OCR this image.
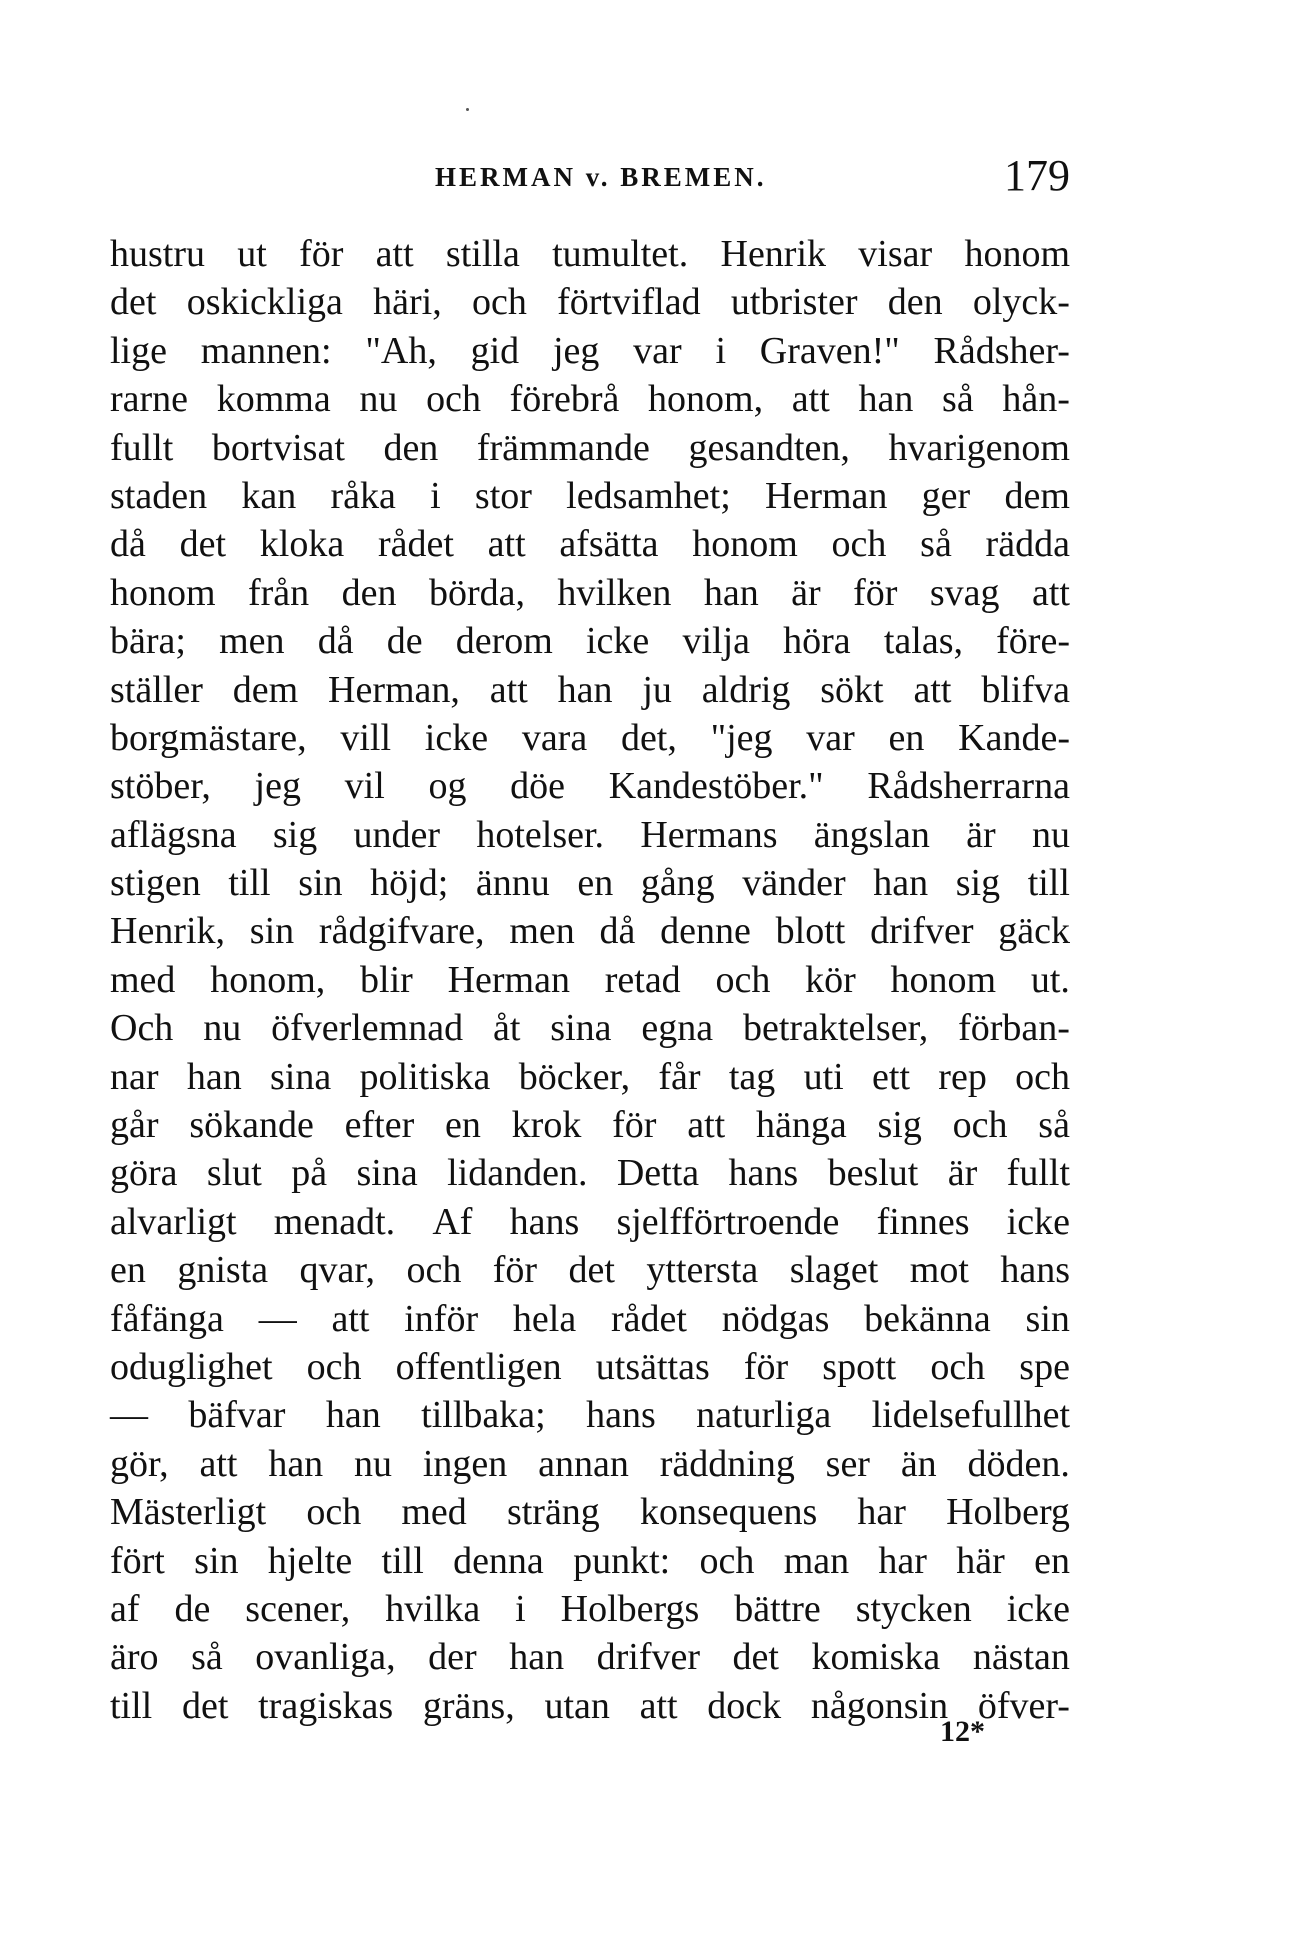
HERMAN v. BREMEN.	179
hustru ut för att stilla tumultet. Henrik visar honom
det oskickliga häri, och förtviflad utbrister den olyck-
lige mannen: "Ah, gid jeg var i Graven!" Rådsher-
rarne komma nu och förebrå honom, att han så hån-
fullt bortvisat den främmande gesandten, hvarigenom
staden kan råka i stor ledsamhet; Herman ger dem
då det kloka rådet att afsätta honom och så rädda
honom från den börda, hvilken han är för svag att
bära; men då de derom icke vilja höra talas, före-
ställer dem Herman, att han ju aldrig sökt att blifva
borgmästare, vill icke vara det, "jeg var en Kande-
stöber, jeg vil og döe Kandestöber." Rådsherrarna
aflägsna sig under hotelser. Hermans ängslan är nu
stigen till sin höjd; ännu en gång vänder han sig till
Henrik, sin rådgifvare, men då denne blott drifver gäck
med honom, blir Herman retad och kör honom ut.
Och nu öfverlemnad åt sina egna betraktelser, förban-
nar han sina politiska böcker, får tag uti ett rep och
går sökande efter en krok för att hänga sig och så
göra slut på sina lidanden. Detta hans beslut är fullt
alvarligt menadt. Af hans sjelfförtroende finnes icke
en gnista qvar, och för det yttersta slaget mot hans
fåfänga — att inför hela rådet nödgas bekänna sin
oduglighet och offentligen utsättas för spott och spe
— bäfvar han tillbaka; hans naturliga lidelsefullhet
gör, att han nu ingen annan räddning ser än döden.
Mästerligt och med sträng konsequens har Holberg
fört sin hjelte till denna punkt: och man har här en
af de scener, hvilka i Holbergs bättre stycken icke
äro så ovanliga, der han drifver det komiska nästan
till det tragiskas gräns, utan att dock någonsin öfver-
12*
